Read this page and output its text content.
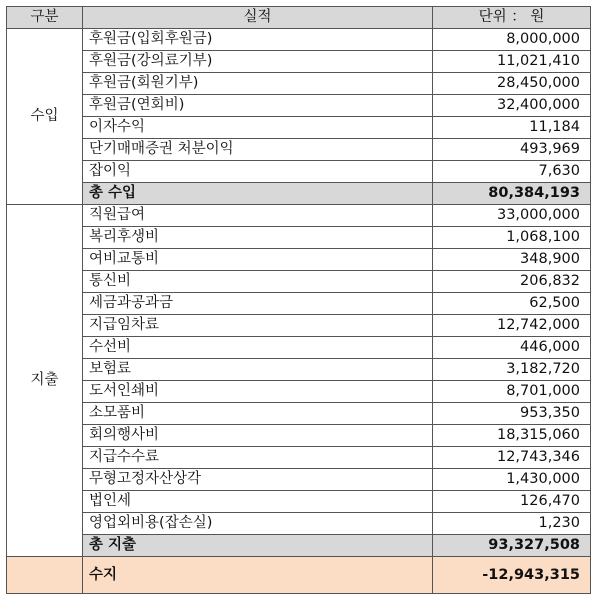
구분	실적	단위 ： 원
수입	후원금(입회후원금)	8,000,000
	후원금(강의료기부)	11,021,410
	후원금(회원기부)	28,450,000
	후원금(연회비)	32,400,000
	이자수익	11,184
	단기매매증권 처분이익	493,969
	잡이익	7,630
	총 수입	80,384,193
지출	직원급여	33,000,000
	복리후생비	1,068,100
	여비교통비	348,900
	통신비	206,832
	세금과공과금	62,500
	지급임차료	12,742,000
	수선비	446,000
	보험료	3,182,720
	도서인쇄비	8,701,000
	소모품비	953,350
	회의행사비	18,315,060
	지급수수료	12,743,346
	무형고정자산상각	1,430,000
	법인세	126,470
	영업외비용(잡손실)	1,230
	총 지출	93,327,508
	수지	-12,943,315
